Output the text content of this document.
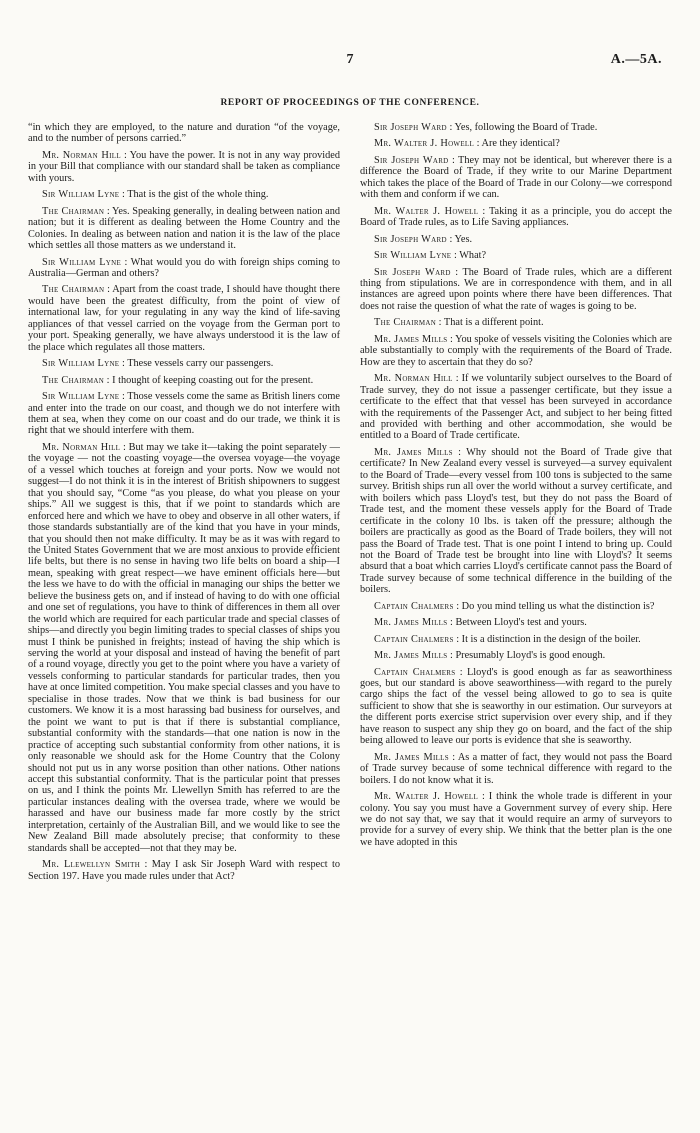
7	A.—5A.
REPORT OF PROCEEDINGS OF THE CONFERENCE.

“in which they are employed, to the nature and duration “of the voyage, and to the number of persons carried.”

Mr. Norman Hill : You have the power. It is not in any way provided in your Bill that compliance with our standard shall be taken as compliance with yours.

Sir William Lyne : That is the gist of the whole thing.

The Chairman : Yes. Speaking generally, in dealing between nation and nation; but it is different as dealing between the Home Country and the Colonies. In dealing as between nation and nation it is the law of the place which settles all those matters as we understand it.

Sir William Lyne : What would you do with foreign ships coming to Australia—German and others?

The Chairman : Apart from the coast trade, I should have thought there would have been the greatest difficulty, from the point of view of international law, for your regulating in any way the kind of life-saving appliances of that vessel carried on the voyage from the German port to your port. Speaking generally, we have always understood it is the law of the place which regulates all those matters.

Sir William Lyne : These vessels carry our passengers.

The Chairman : I thought of keeping coasting out for the present.

Sir William Lyne : Those vessels come the same as British liners come and enter into the trade on our coast, and though we do not interfere with them at sea, when they come on our coast and do our trade, we think it is right that we should interfere with them.

Mr. Norman Hill : But may we take it—taking the point separately — the voyage — not the coasting voyage—the oversea voyage—the voyage of a vessel which touches at foreign and your ports. Now we would not suggest—I do not think it is in the interest of British shipowners to suggest that you should say, “Come “as you please, do what you please on your ships.” All we suggest is this, that if we point to standards which are enforced here and which we have to obey and observe in all other waters, if those standards substantially are of the kind that you have in your minds, that you should then not make difficulty. It may be as it was with regard to the United States Government that we are most anxious to provide efficient life belts, but there is no sense in having two life belts on board a ship—I mean, speaking with great respect—we have eminent officials here—but the less we have to do with the official in managing our ships the better we believe the business gets on, and if instead of having to do with one official and one set of regulations, you have to think of differences in them all over the world which are required for each particular trade and special classes of ships—and directly you begin limiting trades to special classes of ships you must I think be punished in freights; instead of having the ship which is serving the world at your disposal and instead of having the benefit of part of a round voyage, directly you get to the point where you have a variety of vessels conforming to particular standards for particular trades, then you have at once limited competition. You make special classes and you have to specialise in those trades. Now that we think is bad business for our customers. We know it is a most harassing bad business for ourselves, and the point we want to put is that if there is substantial compliance, substantial conformity with the standards—that one nation is now in the practice of accepting such substantial conformity from other nations, it is only reasonable we should ask for the Home Country that the Colony should not put us in any worse position than other nations. Other nations accept this substantial conformity. That is the particular point that presses on us, and I think the points Mr. Llewellyn Smith has referred to are the particular instances dealing with the oversea trade, where we would be harassed and have our business made far more costly by the strict interpretation, certainly of the Australian Bill, and we would like to see the New Zealand Bill made absolutely precise; that conformity to these standards shall be accepted—not that they may be.

Mr. Llewellyn Smith : May I ask Sir Joseph Ward with respect to Section 197. Have you made rules under that Act?

Sir Joseph Ward : Yes, following the Board of Trade.

Mr. Walter J. Howell : Are they identical?

Sir Joseph Ward : They may not be identical, but wherever there is a difference the Board of Trade, if they write to our Marine Department which takes the place of the Board of Trade in our Colony—we correspond with them and conform if we can.

Mr. Walter J. Howell : Taking it as a principle, you do accept the Board of Trade rules, as to Life Saving appliances.

Sir Joseph Ward : Yes.

Sir William Lyne : What?

Sir Joseph Ward : The Board of Trade rules, which are a different thing from stipulations. We are in correspondence with them, and in all instances are agreed upon points where there have been differences. That does not raise the question of what the rate of wages is going to be.

The Chairman : That is a different point.

Mr. James Mills : You spoke of vessels visiting the Colonies which are able substantially to comply with the requirements of the Board of Trade. How are they to ascertain that they do so?

Mr. Norman Hill : If we voluntarily subject ourselves to the Board of Trade survey, they do not issue a passenger certificate, but they issue a certificate to the effect that that vessel has been surveyed in accordance with the requirements of the Passenger Act, and subject to her being fitted and provided with berthing and other accommodation, she would be entitled to a Board of Trade certificate.

Mr. James Mills : Why should not the Board of Trade give that certificate? In New Zealand every vessel is surveyed—a survey equivalent to the Board of Trade—every vessel from 100 tons is subjected to the same survey. British ships run all over the world without a survey certificate, and with boilers which pass Lloyd's test, but they do not pass the Board of Trade test, and the moment these vessels apply for the Board of Trade certificate in the colony 10 lbs. is taken off the pressure; although the boilers are practically as good as the Board of Trade boilers, they will not pass the Board of Trade test. That is one point I intend to bring up. Could not the Board of Trade test be brought into line with Lloyd's? It seems absurd that a boat which carries Lloyd's certificate cannot pass the Board of Trade survey because of some technical difference in the building of the boilers.

Captain Chalmers : Do you mind telling us what the distinction is?

Mr. James Mills : Between Lloyd's test and yours.

Captain Chalmers : It is a distinction in the design of the boiler.

Mr. James Mills : Presumably Lloyd's is good enough.

Captain Chalmers : Lloyd's is good enough as far as seaworthiness goes, but our standard is above seaworthiness—with regard to the purely cargo ships the fact of the vessel being allowed to go to sea is quite sufficient to show that she is seaworthy in our estimation. Our surveyors at the different ports exercise strict supervision over every ship, and if they have reason to suspect any ship they go on board, and the fact of the ship being allowed to leave our ports is evidence that she is seaworthy.

Mr. James Mills : As a matter of fact, they would not pass the Board of Trade survey because of some technical difference with regard to the boilers. I do not know what it is.

Mr. Walter J. Howell : I think the whole trade is different in your colony. You say you must have a Government survey of every ship. Here we do not say that, we say that it would require an army of surveyors to provide for a survey of every ship. We think that the better plan is the one we have adopted in this
